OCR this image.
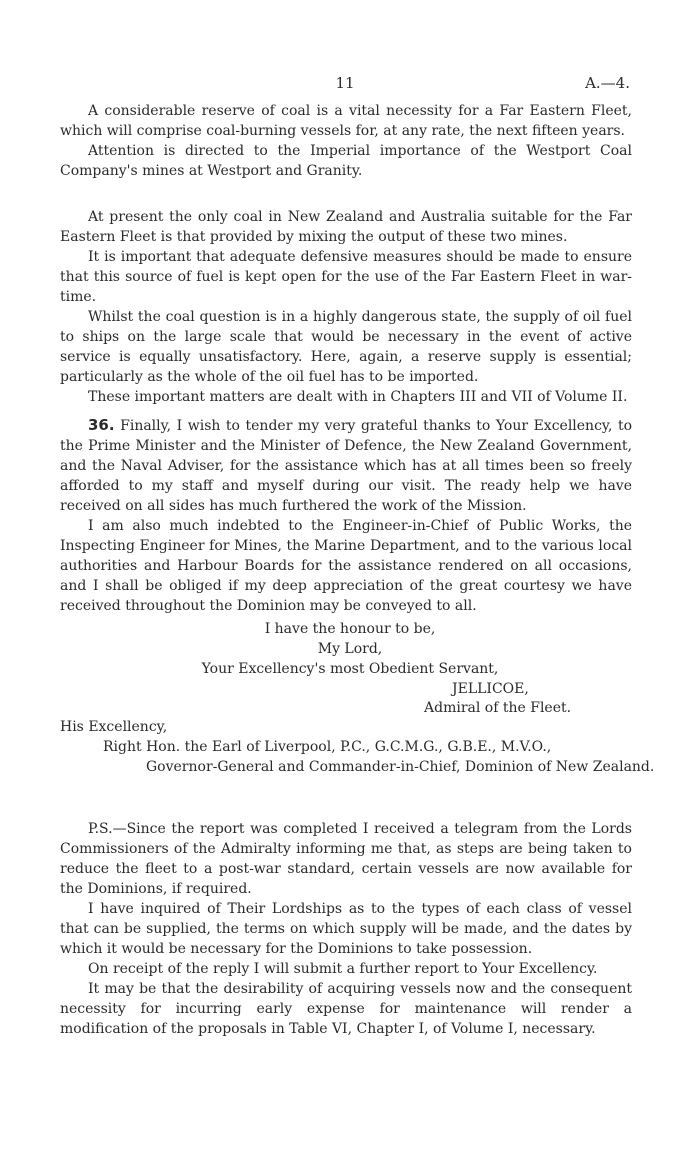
11	A.—4.

A considerable reserve of coal is a vital necessity for a Far Eastern Fleet, which will comprise coal-burning vessels for, at any rate, the next fifteen years.

Attention is directed to the Imperial importance of the Westport Coal Company's mines at Westport and Granity.

At present the only coal in New Zealand and Australia suitable for the Far Eastern Fleet is that provided by mixing the output of these two mines.

It is important that adequate defensive measures should be made to ensure that this source of fuel is kept open for the use of the Far Eastern Fleet in war-time.

Whilst the coal question is in a highly dangerous state, the supply of oil fuel to ships on the large scale that would be necessary in the event of active service is equally unsatisfactory. Here, again, a reserve supply is essential; particularly as the whole of the oil fuel has to be imported.

These important matters are dealt with in Chapters III and VII of Volume II.

36. Finally, I wish to tender my very grateful thanks to Your Excellency, to the Prime Minister and the Minister of Defence, the New Zealand Government, and the Naval Adviser, for the assistance which has at all times been so freely afforded to my staff and myself during our visit. The ready help we have received on all sides has much furthered the work of the Mission.

I am also much indebted to the Engineer-in-Chief of Public Works, the Inspecting Engineer for Mines, the Marine Department, and to the various local authorities and Harbour Boards for the assistance rendered on all occasions, and I shall be obliged if my deep appreciation of the great courtesy we have received throughout the Dominion may be conveyed to all.

I have the honour to be,
My Lord,
Your Excellency's most Obedient Servant,
JELLICOE,
Admiral of the Fleet.
His Excellency,
Right Hon. the Earl of Liverpool, P.C., G.C.M.G., G.B.E., M.V.O.,
Governor-General and Commander-in-Chief, Dominion of New Zealand.

P.S.—Since the report was completed I received a telegram from the Lords Commissioners of the Admiralty informing me that, as steps are being taken to reduce the fleet to a post-war standard, certain vessels are now available for the Dominions, if required.

I have inquired of Their Lordships as to the types of each class of vessel that can be supplied, the terms on which supply will be made, and the dates by which it would be necessary for the Dominions to take possession.

On receipt of the reply I will submit a further report to Your Excellency.

It may be that the desirability of acquiring vessels now and the consequent necessity for incurring early expense for maintenance will render a modification of the proposals in Table VI, Chapter I, of Volume I, necessary.
